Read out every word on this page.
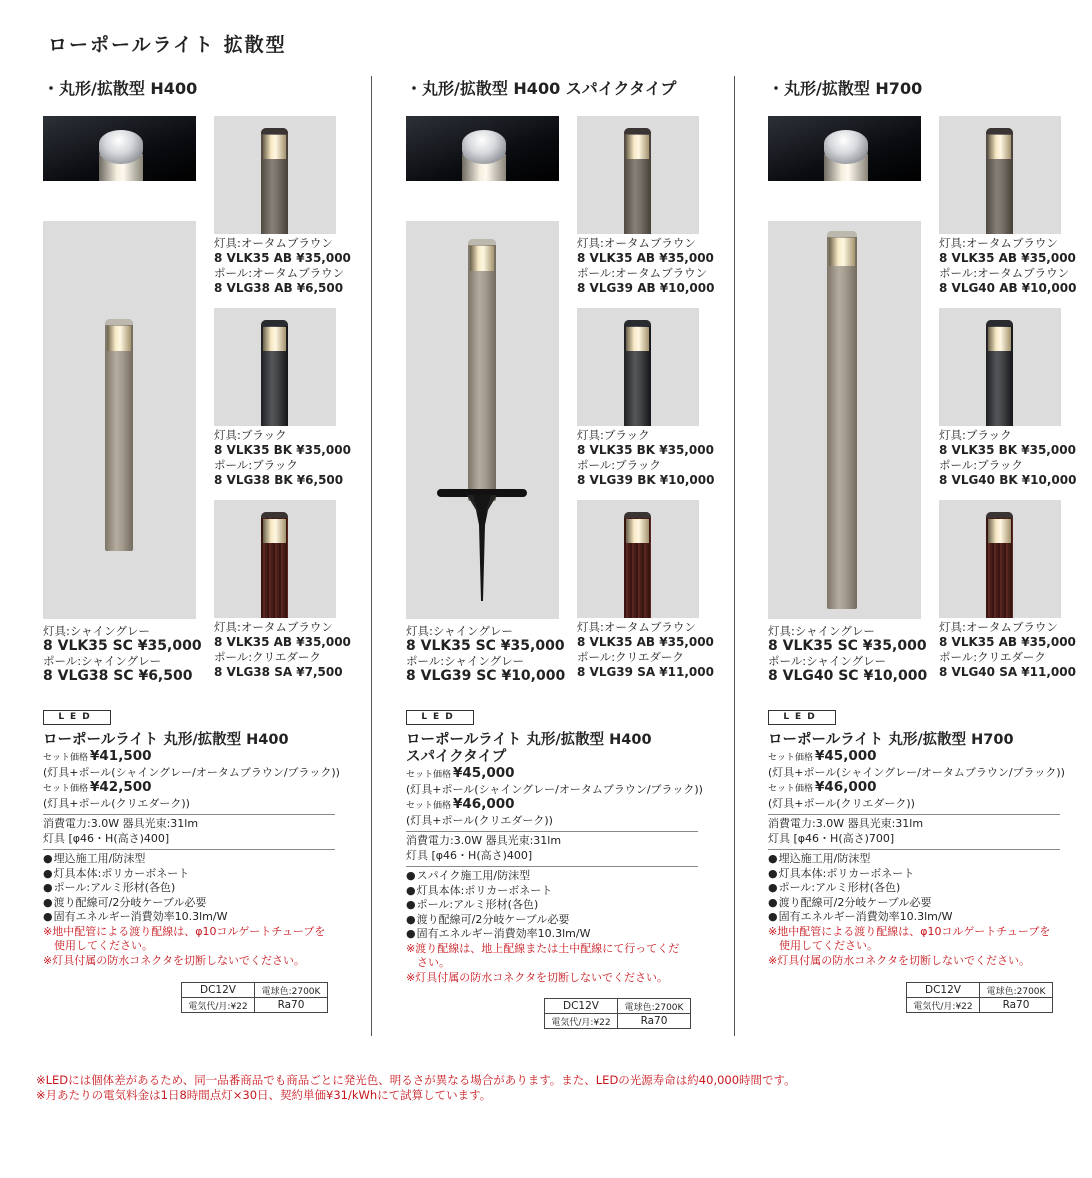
ローポールライト 拡散型
・丸形/拡散型 H400
灯具:シャイングレー
8 VLK35 SC ¥35,000
ポール:シャイングレー
8 VLG38 SC ¥6,500
灯具:オータムブラウン
8 VLK35 AB ¥35,000
ポール:オータムブラウン
8 VLG38 AB ¥6,500
灯具:ブラック
8 VLK35 BK ¥35,000
ポール:ブラック
8 VLG38 BK ¥6,500
灯具:オータムブラウン
8 VLK35 AB ¥35,000
ポール:クリエダーク
8 VLG38 SA ¥7,500
LED
ローポールライト 丸形/拡散型 H400
セット価格 ¥41,500
(灯具+ポール(シャイングレー/オータムブラウン/ブラック))
セット価格 ¥42,500
(灯具+ポール(クリエダーク))
消費電力:3.0W 器具光束:31lm
灯具 [φ46・H(高さ)400]
● 埋込施工用/防沫型
● 灯具本体:ポリカーボネート
● ポール:アルミ形材(各色)
● 渡り配線可/2分岐ケーブル必要
● 固有エネルギー消費効率10.3lm/W
※地中配管による渡り配線は、φ10コルゲートチューブを
　使用してください。
※灯具付属の防水コネクタを切断しないでください。
DC12V	電球色:2700K
電気代/月:¥22	Ra70
・丸形/拡散型 H400 スパイクタイプ
灯具:シャイングレー
8 VLK35 SC ¥35,000
ポール:シャイングレー
8 VLG39 SC ¥10,000
灯具:オータムブラウン
8 VLK35 AB ¥35,000
ポール:オータムブラウン
8 VLG39 AB ¥10,000
灯具:ブラック
8 VLK35 BK ¥35,000
ポール:ブラック
8 VLG39 BK ¥10,000
灯具:オータムブラウン
8 VLK35 AB ¥35,000
ポール:クリエダーク
8 VLG39 SA ¥11,000
LED
ローポールライト 丸形/拡散型 H400
スパイクタイプ
セット価格 ¥45,000
(灯具+ポール(シャイングレー/オータムブラウン/ブラック))
セット価格 ¥46,000
(灯具+ポール(クリエダーク))
消費電力:3.0W 器具光束:31lm
灯具 [φ46・H(高さ)400]
● スパイク施工用/防沫型
● 灯具本体:ポリカーボネート
● ポール:アルミ形材(各色)
● 渡り配線可/2分岐ケーブル必要
● 固有エネルギー消費効率10.3lm/W
※渡り配線は、地上配線または土中配線にて行ってくだ
　さい。
※灯具付属の防水コネクタを切断しないでください。
DC12V	電球色:2700K
電気代/月:¥22	Ra70
・丸形/拡散型 H700
灯具:シャイングレー
8 VLK35 SC ¥35,000
ポール:シャイングレー
8 VLG40 SC ¥10,000
灯具:オータムブラウン
8 VLK35 AB ¥35,000
ポール:オータムブラウン
8 VLG40 AB ¥10,000
灯具:ブラック
8 VLK35 BK ¥35,000
ポール:ブラック
8 VLG40 BK ¥10,000
灯具:オータムブラウン
8 VLK35 AB ¥35,000
ポール:クリエダーク
8 VLG40 SA ¥11,000
LED
ローポールライト 丸形/拡散型 H700
セット価格 ¥45,000
(灯具+ポール(シャイングレー/オータムブラウン/ブラック))
セット価格 ¥46,000
(灯具+ポール(クリエダーク))
消費電力:3.0W 器具光束:31lm
灯具 [φ46・H(高さ)700]
● 埋込施工用/防沫型
● 灯具本体:ポリカーボネート
● ポール:アルミ形材(各色)
● 渡り配線可/2分岐ケーブル必要
● 固有エネルギー消費効率10.3lm/W
※地中配管による渡り配線は、φ10コルゲートチューブを
　使用してください。
※灯具付属の防水コネクタを切断しないでください。
DC12V	電球色:2700K
電気代/月:¥22	Ra70
※LEDには個体差があるため、同一品番商品でも商品ごとに発光色、明るさが異なる場合があります。また、LEDの光源寿命は約40,000時間です。
※月あたりの電気料金は1日8時間点灯×30日、契約単価¥31/kWhにて試算しています。
